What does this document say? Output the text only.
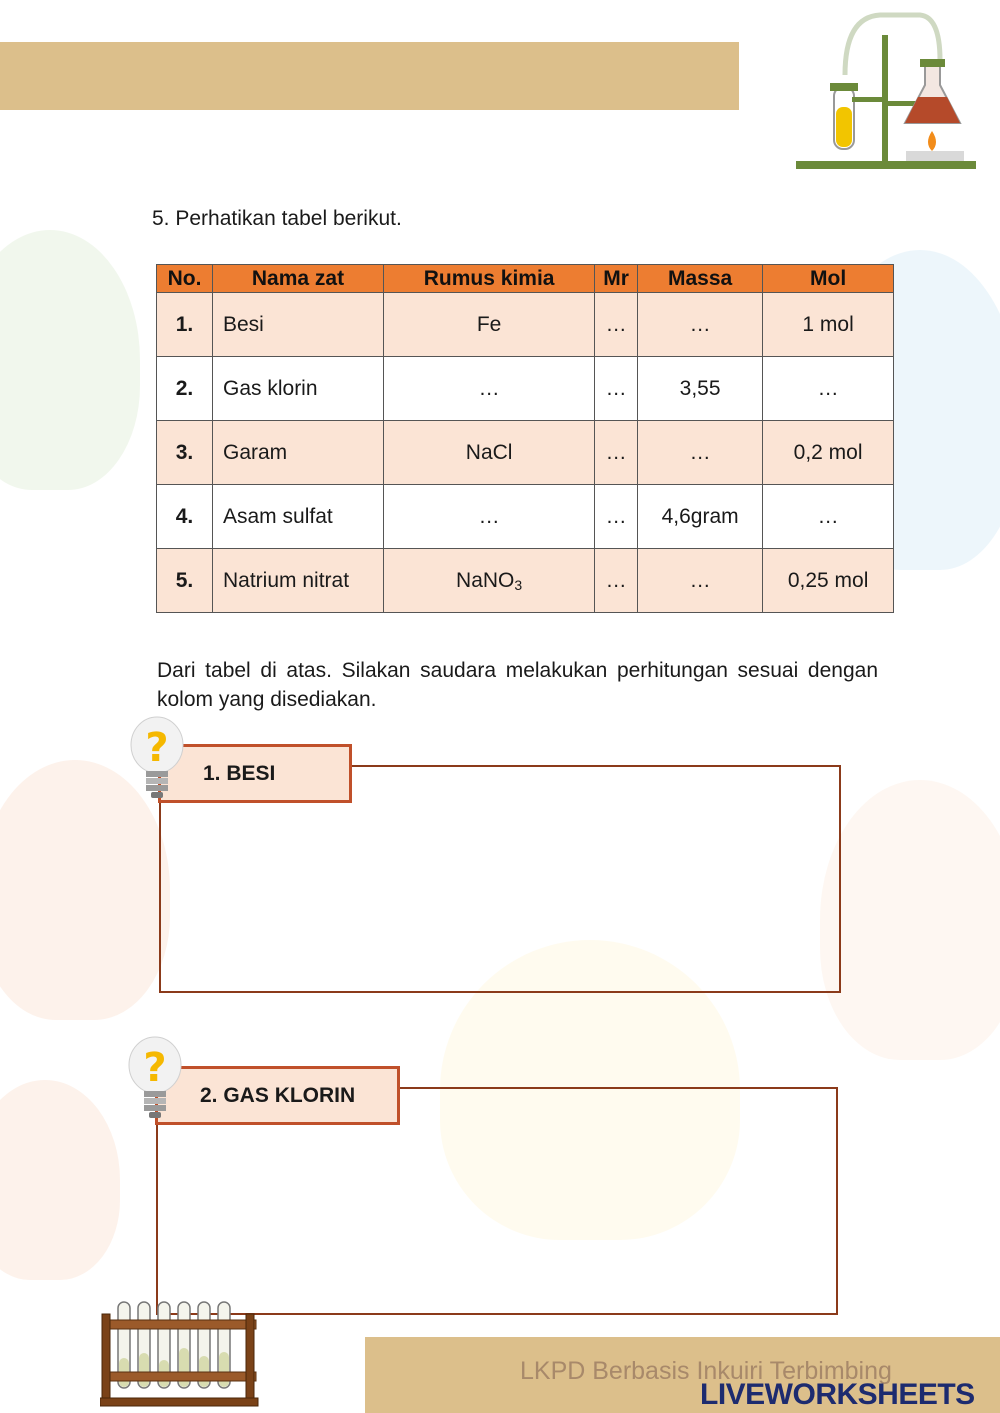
5. Perhatikan tabel berikut.
No.	Nama zat	Rumus kimia	Mr	Massa	Mol
1.	Besi	Fe	…	…	1 mol
2.	Gas klorin	…	…	3,55	…
3.	Garam	NaCl	…	…	0,2 mol
4.	Asam sulfat	…	…	4,6gram	…
5.	Natrium nitrat	NaNO$_3$	…	…	0,25 mol
Dari tabel di atas. Silakan saudara melakukan perhitungan sesuai dengan kolom yang disediakan.
1. BESI
?
2. GAS KLORIN
?
LKPD Berbasis Inkuiri Terbimbing
LIVEWORKSHEETS
